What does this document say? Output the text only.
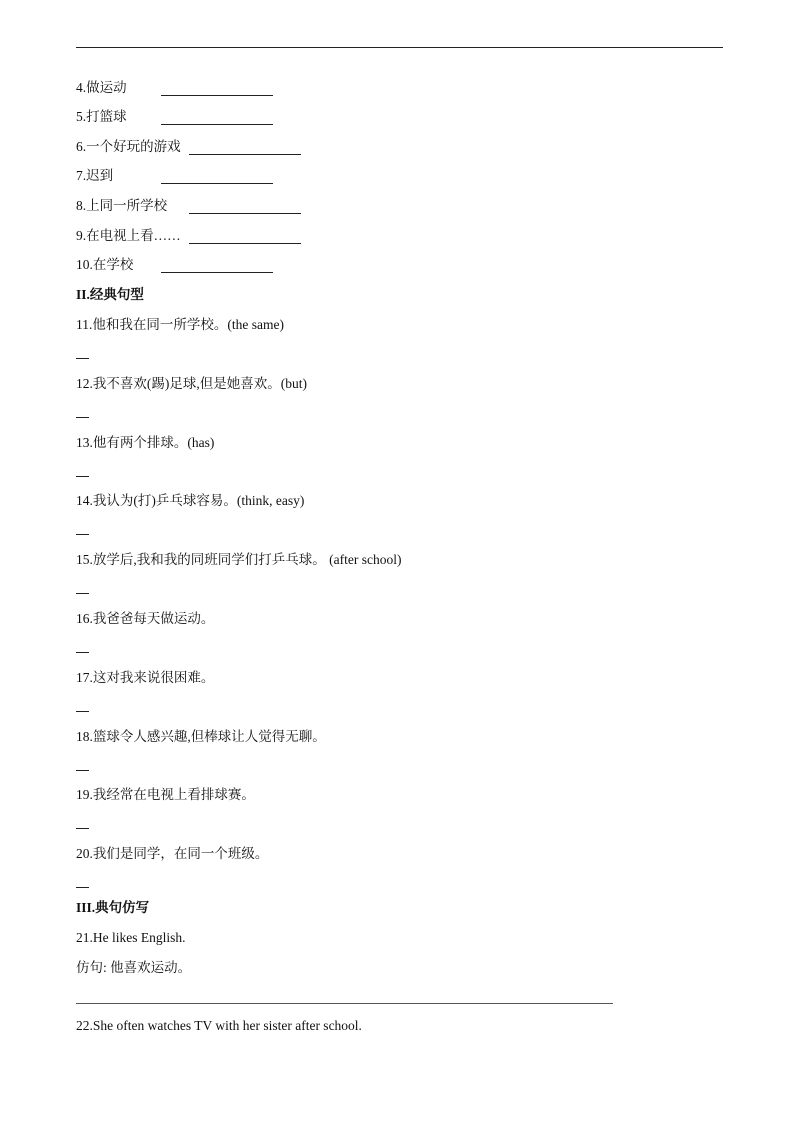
4.做运动
5.打篮球
6.一个好玩的游戏
7.迟到
8.上同一所学校
9.在电视上看……
10.在学校
II.经典句型
11.他和我在同一所学校。(the same)
12.我不喜欢(踢)足球,但是她喜欢。(but)
13.他有两个排球。(has)
14.我认为(打)乒乓球容易。(think, easy)
15.放学后,我和我的同班同学们打乒乓球。 (after school)
16.我爸爸每天做运动。
17.这对我来说很困难。
18.篮球令人感兴趣,但棒球让人觉得无聊。
19.我经常在电视上看排球赛。
20.我们是同学，在同一个班级。
III.典句仿写
21.He likes English.
仿句: 他喜欢运动。
22.She often watches TV with her sister after school.
